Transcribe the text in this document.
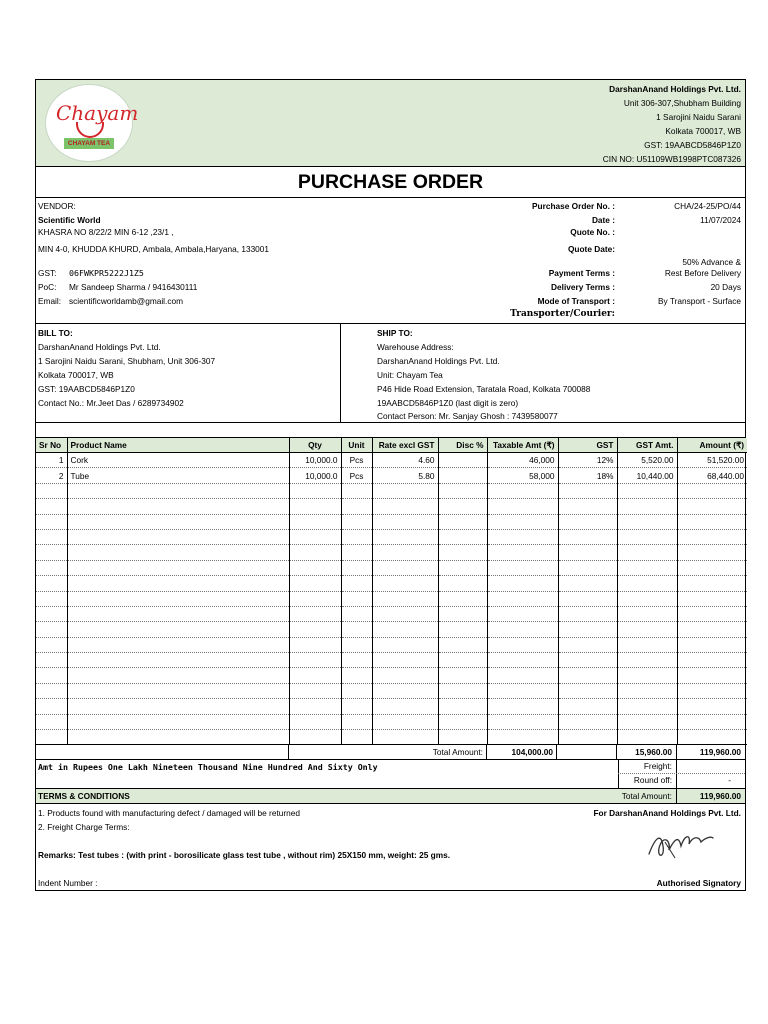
Chayam
CHAYAM TEA
DarshanAnand Holdings Pvt. Ltd.
Unit 306-307,Shubham Building
1 Sarojini Naidu Sarani
Kolkata 700017, WB
GST: 19AABCD5846P1Z0
CIN NO: U51109WB1998PTC087326
PURCHASE ORDER
VENDOR:
Scientific World
KHASRA NO 8/22/2 MIN 6-12 ,23/1 ,
MIN 4-0, KHUDDA KHURD, Ambala, Ambala,Haryana, 133001
GST: 06FWKPR5222J1Z5
PoC: Mr Sandeep Sharma / 9416430111
Email: scientificworldamb@gmail.com
Purchase Order No. :	CHA/24-25/PO/44
Date :	11/07/2024
Quote No. :
Quote Date:
50% Advance &
Payment Terms :	Rest Before Delivery
Delivery Terms :	20 Days
Mode of Transport :	By Transport - Surface
Transporter/Courier:
BILL TO:
DarshanAnand Holdings Pvt. Ltd.
1 Sarojini Naidu Sarani, Shubham, Unit 306-307
Kolkata 700017, WB
GST: 19AABCD5846P1Z0
Contact No.: Mr.Jeet Das / 6289734902
SHIP TO:
Warehouse Address:
DarshanAnand Holdings Pvt. Ltd.
Unit: Chayam Tea
P46 Hide Road Extension, Taratala Road, Kolkata 700088
19AABCD5846P1Z0 (last digit is zero)
Contact Person: Mr. Sanjay Ghosh : 7439580077
Sr No	Product Name	Qty	Unit	Rate excl GST	Disc %	Taxable Amt (₹)	GST	GST Amt.	Amount (₹)
1	Cork	10,000.0	Pcs	4.60		46,000	12%	5,520.00	51,520.00
2	Tube	10,000.0	Pcs	5.80		58,000	18%	10,440.00	68,440.00

Total Amount:	104,000.00	15,960.00	119,960.00
Amt in Rupees One Lakh Nineteen Thousand Nine Hundred And Sixty Only	Freight:
Round off:	-
TERMS & CONDITIONS	Total Amount:	119,960.00
1. Products found with manufacturing defect / damaged will be returned
2. Freight Charge Terms:
Remarks: Test tubes : (with print - borosilicate glass test tube , without rim) 25X150 mm, weight: 25 gms.
Indent Number :
For DarshanAnand Holdings Pvt. Ltd.
Authorised Signatory
